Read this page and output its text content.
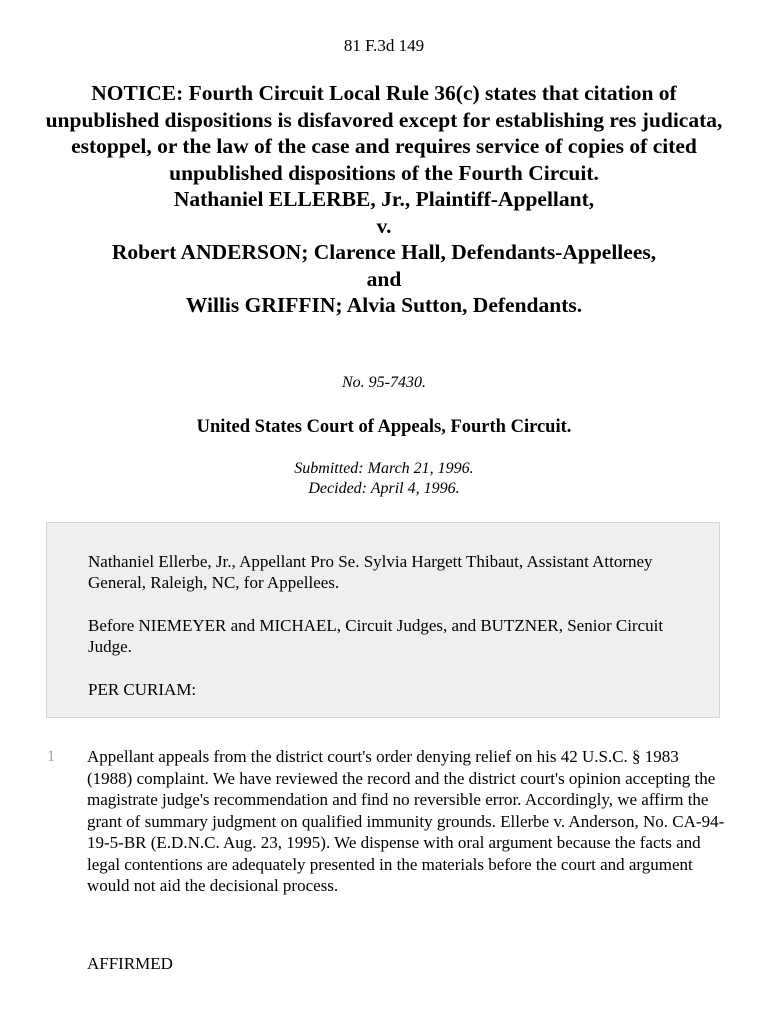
81 F.3d 149
NOTICE: Fourth Circuit Local Rule 36(c) states that citation of unpublished dispositions is disfavored except for establishing res judicata, estoppel, or the law of the case and requires service of copies of cited unpublished dispositions of the Fourth Circuit.
Nathaniel ELLERBE, Jr., Plaintiff-Appellant,
v.
Robert ANDERSON; Clarence Hall, Defendants-Appellees,
and
Willis GRIFFIN; Alvia Sutton, Defendants.
No. 95-7430.
United States Court of Appeals, Fourth Circuit.
Submitted: March 21, 1996.
Decided: April 4, 1996.

Nathaniel Ellerbe, Jr., Appellant Pro Se. Sylvia Hargett Thibaut, Assistant Attorney General, Raleigh, NC, for Appellees.

Before NIEMEYER and MICHAEL, Circuit Judges, and BUTZNER, Senior Circuit Judge.

PER CURIAM:

1 Appellant appeals from the district court's order denying relief on his 42 U.S.C. § 1983 (1988) complaint. We have reviewed the record and the district court's opinion accepting the magistrate judge's recommendation and find no reversible error. Accordingly, we affirm the grant of summary judgment on qualified immunity grounds. Ellerbe v. Anderson, No. CA-94-19-5-BR (E.D.N.C. Aug. 23, 1995). We dispense with oral argument because the facts and legal contentions are adequately presented in the materials before the court and argument would not aid the decisional process.

AFFIRMED
